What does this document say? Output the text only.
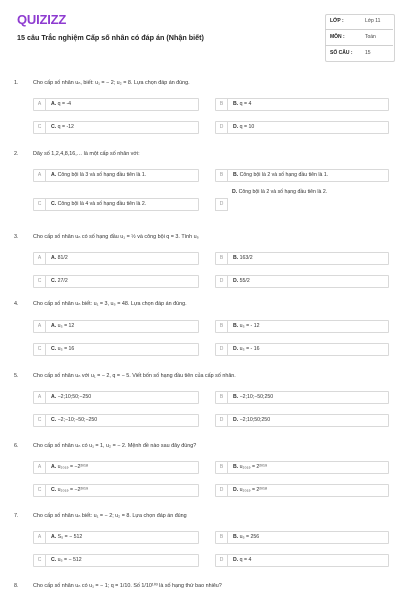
QUIZIZZ
15 câu Trắc nghiệm Cấp số nhân có đáp án (Nhận biết)
LỚP :	Lớp 11
MÔN :	Toán
SỐ CÂU :	15
1.	Cho cấp số nhân uₙ, biết: u₁ = − 2; u₂ = 8. Lựa chọn đáp án đúng.
A	A. q = -4	B	B. q = 4
C	C. q = -12	D	D. q = 10
2.	Dãy số 1,2,4,8,16,… là một cấp số nhân với:
A	A. Công bội là 3 và số hạng đầu tiên là 1.	B	B. Công bội là 2 và số hạng đầu tiên là 1.
C	C. Công bội là 4 và số hạng đầu tiên là 2.	D
D. Công bội là 2 và số hạng đầu tiên là 2.
3.	Cho cấp số nhân uₙ có số hạng đầu u₁ = ½ và công bội q = 3. Tính u₅
A	A. 81/2	B	B. 163/2
C	C. 27/2	D	D. 55/2
4.	Cho cấp số nhân uₙ biết: u₁ = 3, u₅ = 48. Lựa chọn đáp án đúng.
A	A. u₃ = 12	B	B. u₃ = - 12
C	C. u₃ = 16	D	D. u₃ = - 16
5.	Cho cấp số nhân uₙ với u₁ = − 2, q = − 5. Viết bốn số hạng đầu tiên của cấp số nhân.
A	A. −2;10;50;−250	B	B. −2;10;−50;250
C	C. −2;−10;−50;−250	D	D. −2;10;50;250
6.	Cho cấp số nhân uₙ có u₁ = 1, u₂ = − 2. Mệnh đề nào sau đây đúng?
A	A. u₂₀₁₉ = −2²⁰¹⁸	B	B. u₂₀₁₉ = 2²⁰¹⁹
C	C. u₂₀₁₉ = −2²⁰¹⁹	D	D. u₂₀₁₉ = 2²⁰¹⁸
7.	Cho cấp số nhân uₙ biết: u₁ = − 2; u₂ = 8. Lựa chọn đáp án đúng
A	A. S₅ = − 512	B	B. u₅ = 256
C	C. u₅ = − 512	D	D. q = 4
8.	Cho cấp số nhân uₙ có u₁ = − 1; q = 1/10. Số 1/10¹⁰³ là số hạng thứ bao nhiêu?
